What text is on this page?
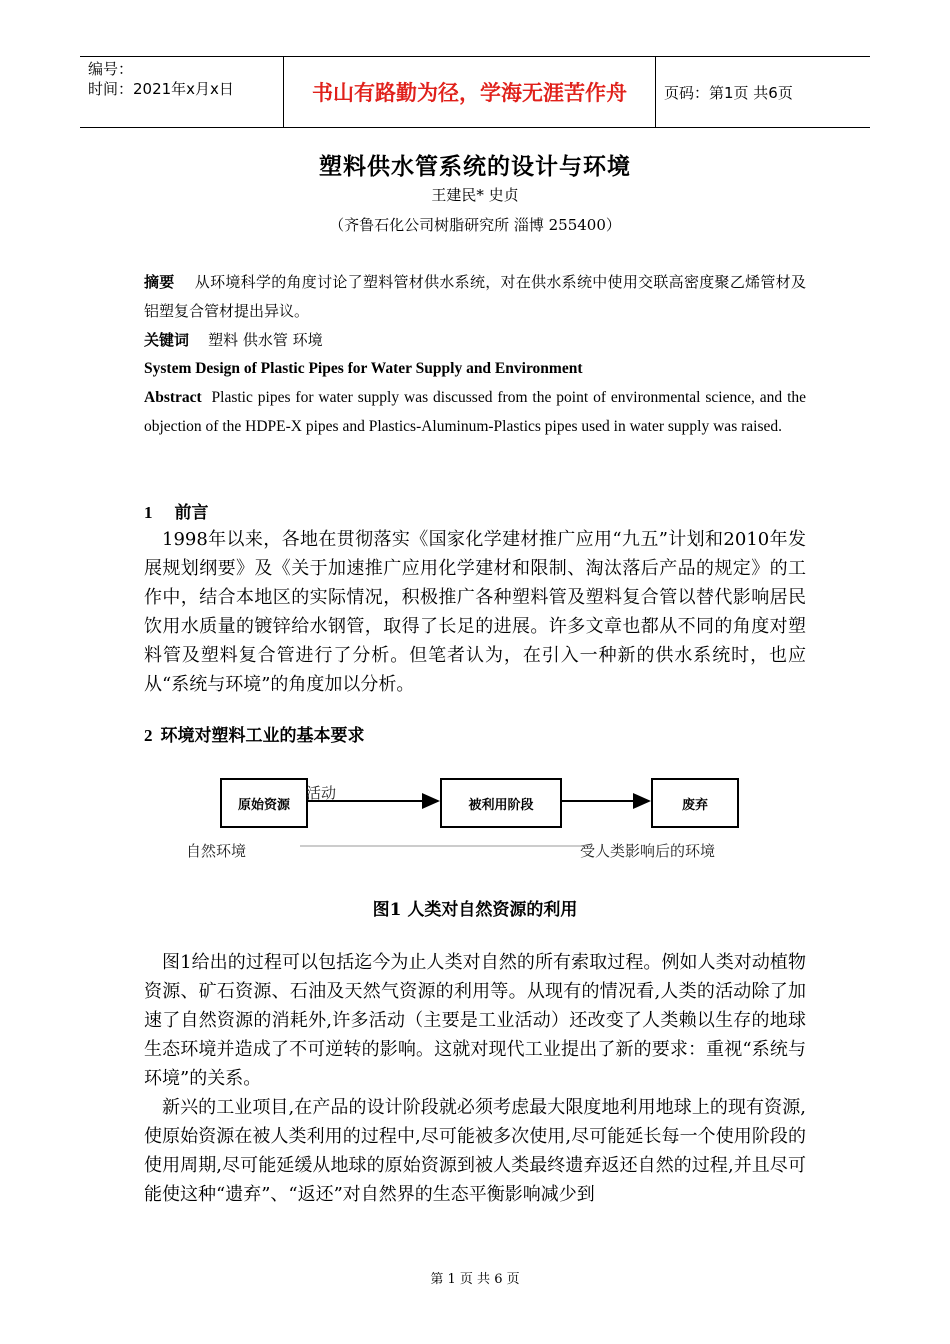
编号：
时间：2021年x月x日	书山有路勤为径，学海无涯苦作舟	页码：第1页 共6页
塑料供水管系统的设计与环境
王建民* 史贞
（齐鲁石化公司树脂研究所 淄博 255400）
摘要 从环境科学的角度讨论了塑料管材供水系统，对在供水系统中使用交联高密度聚乙烯管材及铝塑复合管材提出异议。
关键词 塑料 供水管 环境
System Design of Plastic Pipes for Water Supply and Environment
Abstract Plastic pipes for water supply was discussed from the point of environmental science, and the objection of the HDPE-X pipes and Plastics-Aluminum-Plastics pipes used in water supply was raised.
1 前言
1998年以来，各地在贯彻落实《国家化学建材推广应用“九五”计划和2010年发展规划纲要》及《关于加速推广应用化学建材和限制、淘汰落后产品的规定》的工作中，结合本地区的实际情况，积极推广各种塑料管及塑料复合管以替代影响居民饮用水质量的镀锌给水钢管，取得了长足的进展。许多文章也都从不同的角度对塑料管及塑料复合管进行了分析。但笔者认为，在引入一种新的供水系统时，也应从“系统与环境”的角度加以分析。
2 环境对塑料工业的基本要求
原始资源	被利用阶段	废弃
活动
自然环境	受人类影响后的环境
图1 人类对自然资源的利用
图1给出的过程可以包括迄今为止人类对自然的所有索取过程。例如人类对动植物资源、矿石资源、石油及天然气资源的利用等。从现有的情况看,人类的活动除了加速了自然资源的消耗外,许多活动（主要是工业活动）还改变了人类赖以生存的地球生态环境并造成了不可逆转的影响。这就对现代工业提出了新的要求：重视“系统与环境”的关系。
新兴的工业项目,在产品的设计阶段就必须考虑最大限度地利用地球上的现有资源,使原始资源在被人类利用的过程中,尽可能被多次使用,尽可能延长每一个使用阶段的使用周期,尽可能延缓从地球的原始资源到被人类最终遗弃返还自然的过程,并且尽可能使这种“遗弃”、“返还”对自然界的生态平衡影响减少到
第 1 页 共 6 页
